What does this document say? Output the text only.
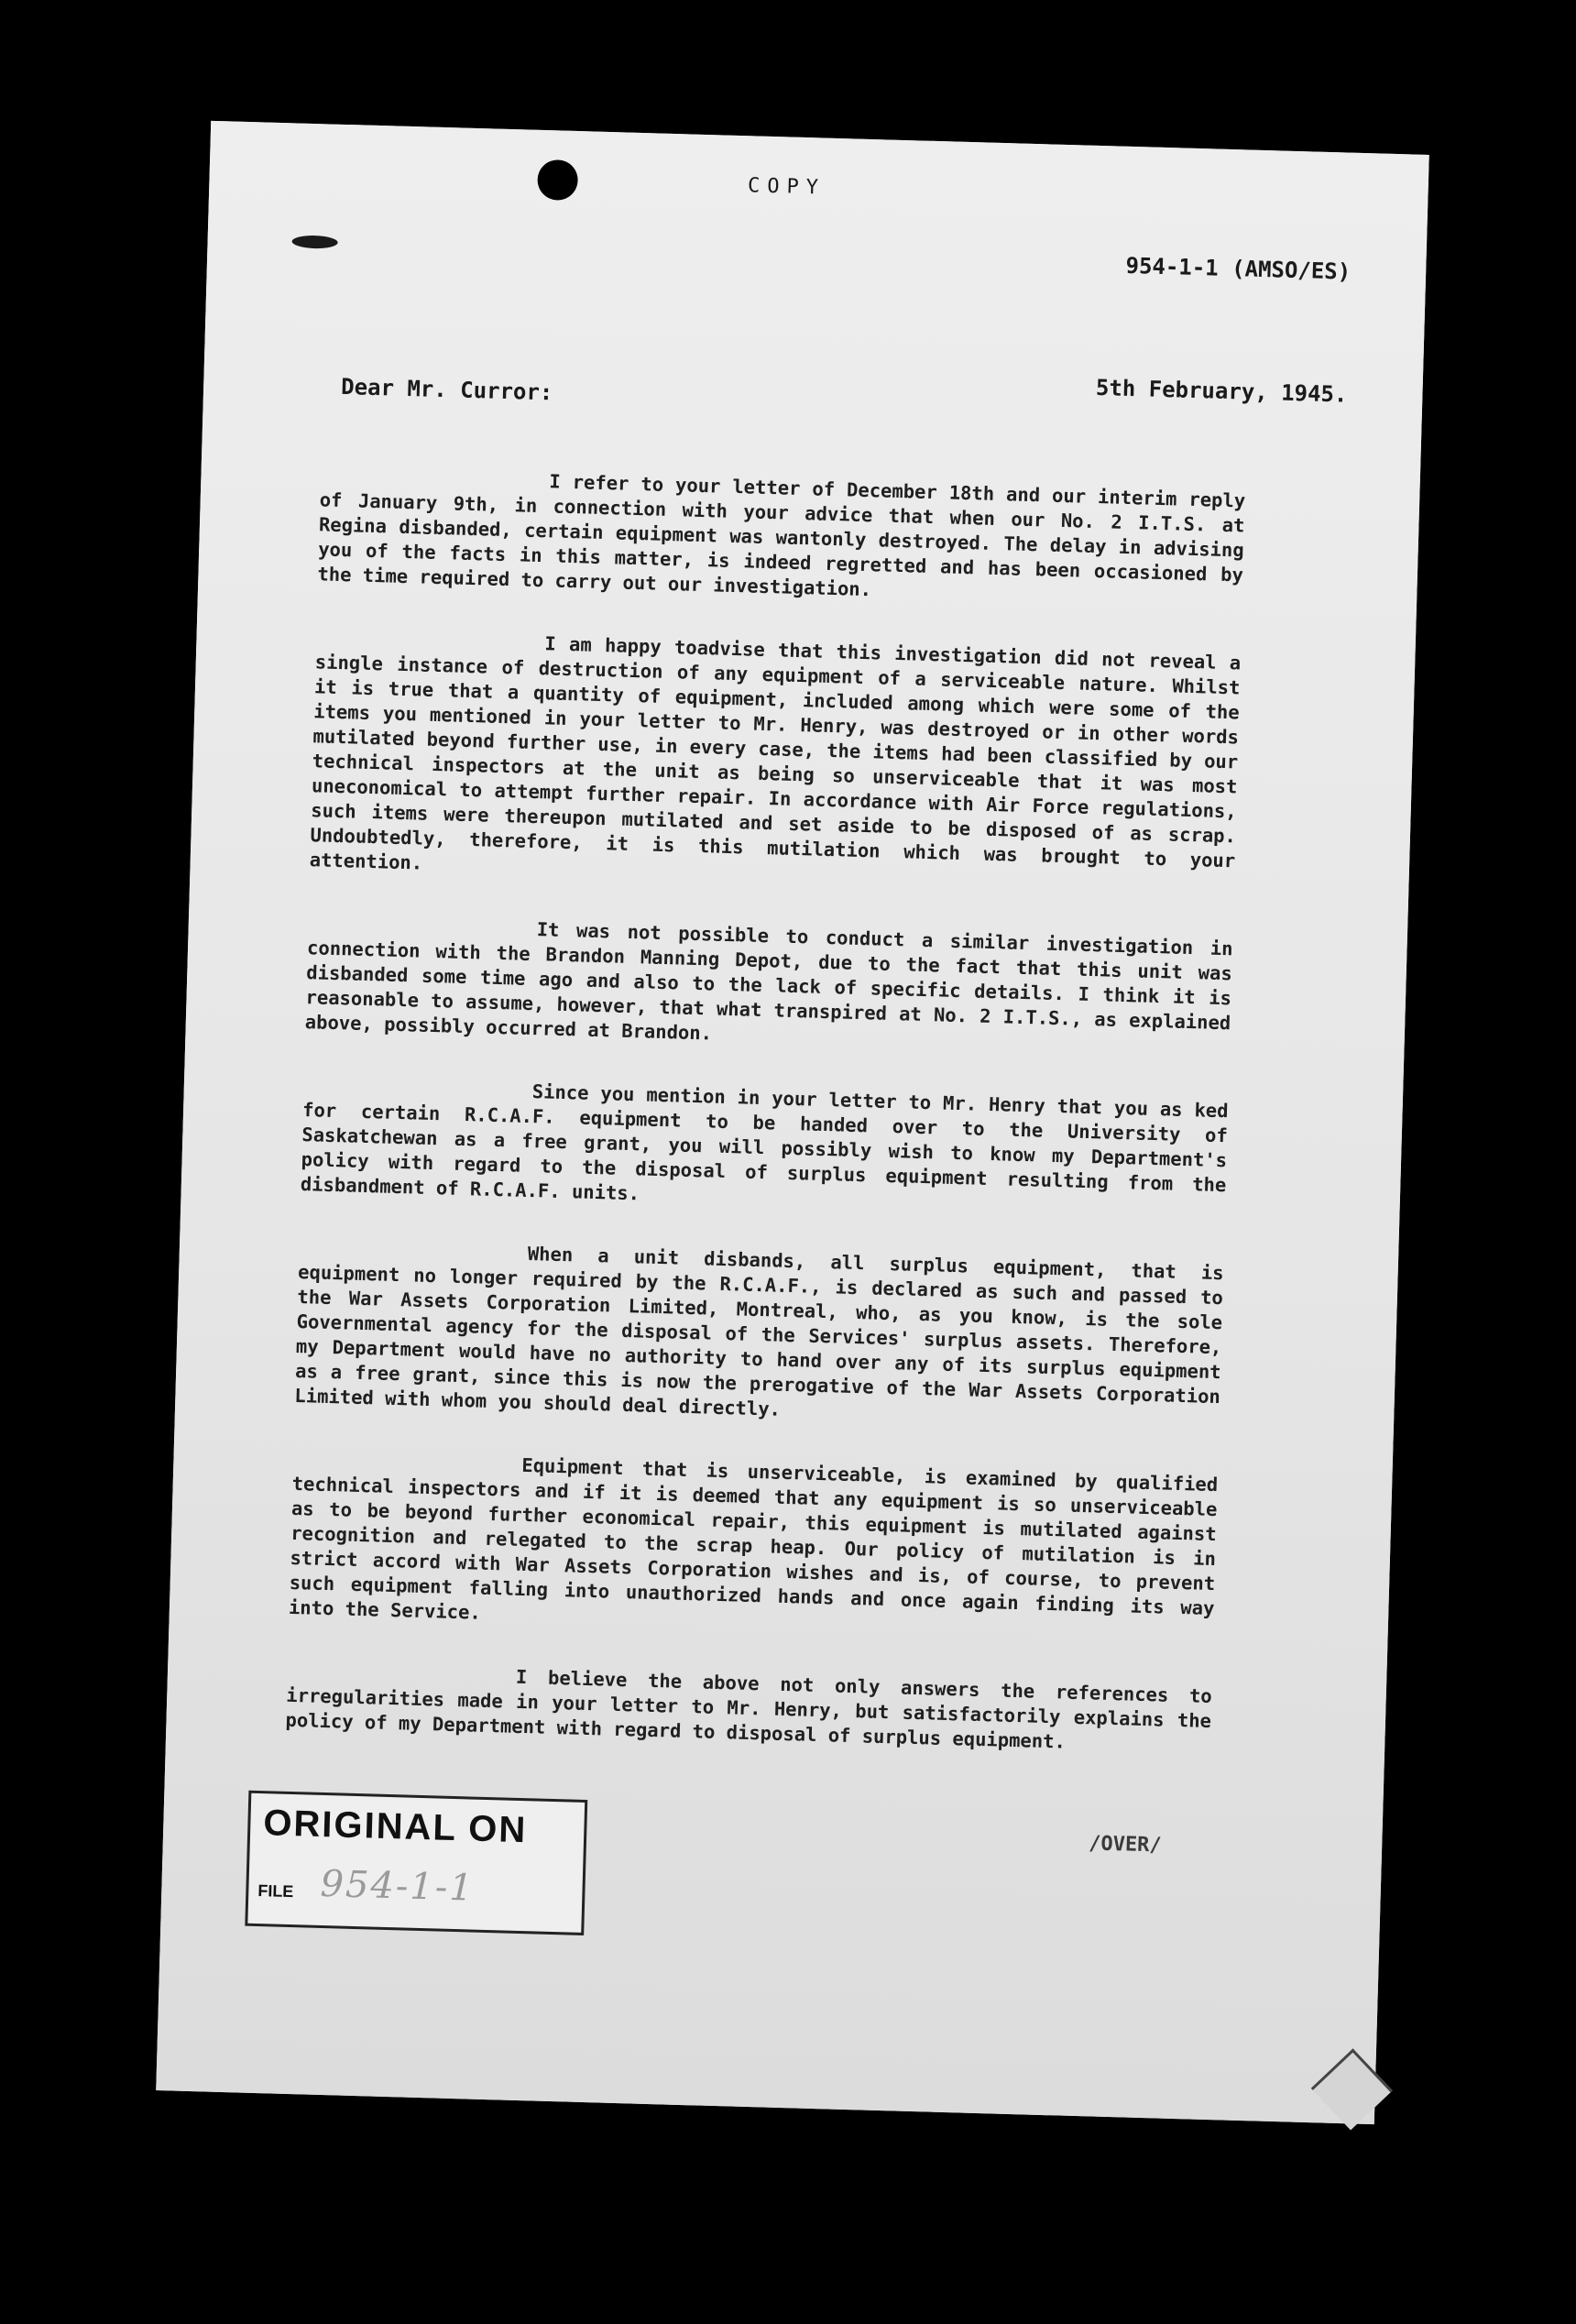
COPY
954-1-1 (AMSO/ES)
5th February, 1945.
Dear Mr. Curror:

I refer to your letter of December 18th and our interim reply of January 9th, in connection with your advice that when our No. 2 I.T.S. at Regina disbanded, certain equipment was wantonly destroyed. The delay in advising you of the facts in this matter, is indeed regretted and has been occasioned by the time required to carry out our investigation.

I am happy toadvise that this investigation did not reveal a single instance of destruction of any equipment of a serviceable nature. Whilst it is true that a quantity of equipment, included among which were some of the items you mentioned in your letter to Mr. Henry, was destroyed or in other words mutilated beyond further use, in every case, the items had been classified by our technical inspectors at the unit as being so unserviceable that it was most uneconomical to attempt further repair. In accordance with Air Force regulations, such items were thereupon mutilated and set aside to be disposed of as scrap. Undoubtedly, therefore, it is this mutilation which was brought to your attention.

It was not possible to conduct a similar investigation in connection with the Brandon Manning Depot, due to the fact that this unit was disbanded some time ago and also to the lack of specific details. I think it is reasonable to assume, however, that what transpired at No. 2 I.T.S., as explained above, possibly occurred at Brandon.

Since you mention in your letter to Mr. Henry that you as ked for certain R.C.A.F. equipment to be handed over to the University of Saskatchewan as a free grant, you will possibly wish to know my Department's policy with regard to the disposal of surplus equipment resulting from the disbandment of R.C.A.F. units.

When a unit disbands, all surplus equipment, that is equipment no longer required by the R.C.A.F., is declared as such and passed to the War Assets Corporation Limited, Montreal, who, as you know, is the sole Governmental agency for the disposal of the Services' surplus assets. Therefore, my Department would have no authority to hand over any of its surplus equipment as a free grant, since this is now the prerogative of the War Assets Corporation Limited with whom you should deal directly.

Equipment that is unserviceable, is examined by qualified technical inspectors and if it is deemed that any equipment is so unserviceable as to be beyond further economical repair, this equipment is mutilated against recognition and relegated to the scrap heap. Our policy of mutilation is in strict accord with War Assets Corporation wishes and is, of course, to prevent such equipment falling into unauthorized hands and once again finding its way into the Service.

I believe the above not only answers the references to irregularities made in your letter to Mr. Henry, but satisfactorily explains the policy of my Department with regard to disposal of surplus equipment.

ORIGINAL ON
FILE 954-1-1
/OVER/
